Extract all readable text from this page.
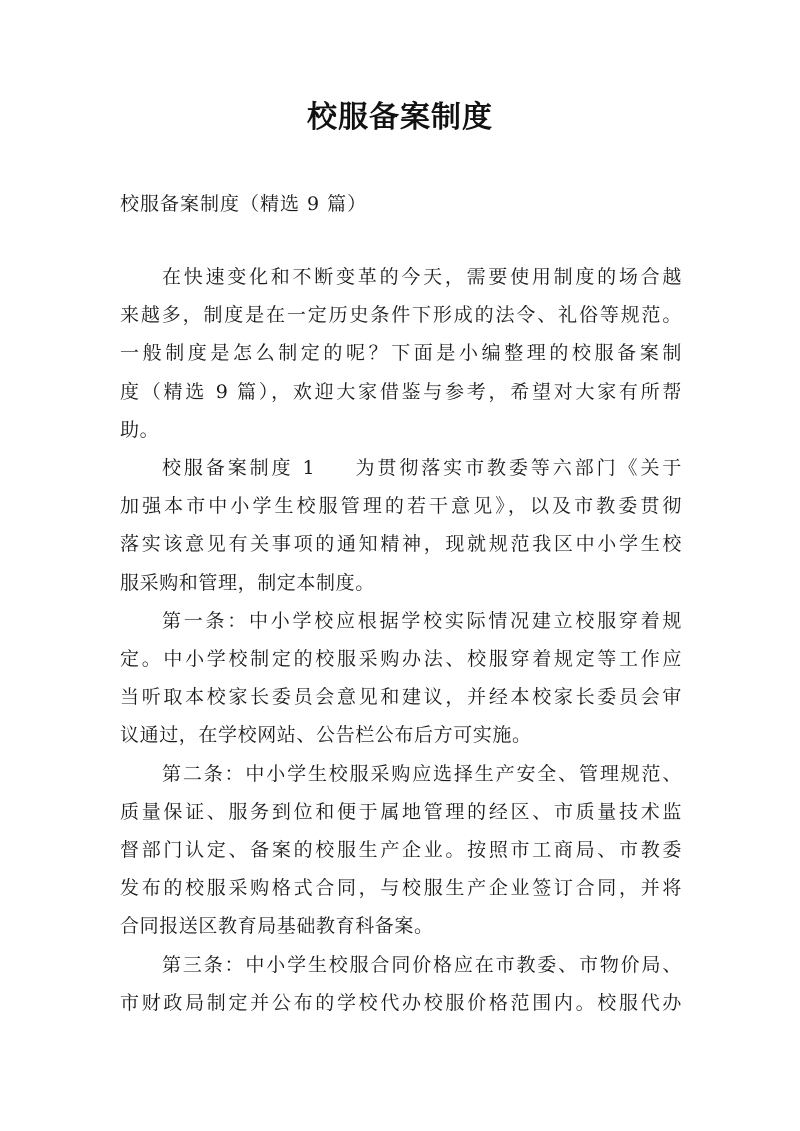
校服备案制度
校服备案制度（精选 9 篇）

在快速变化和不断变革的今天，需要使用制度的场合越
来越多，制度是在一定历史条件下形成的法令、礼俗等规范。
一般制度是怎么制定的呢？下面是小编整理的校服备案制
度（精选 9 篇），欢迎大家借鉴与参考，希望对大家有所帮
助。

校服备案制度 1 为贯彻落实市教委等六部门《关于
加强本市中小学生校服管理的若干意见》，以及市教委贯彻
落实该意见有关事项的通知精神，现就规范我区中小学生校
服采购和管理，制定本制度。

第一条：中小学校应根据学校实际情况建立校服穿着规
定。中小学校制定的校服采购办法、校服穿着规定等工作应
当听取本校家长委员会意见和建议，并经本校家长委员会审
议通过，在学校网站、公告栏公布后方可实施。

第二条：中小学生校服采购应选择生产安全、管理规范、
质量保证、服务到位和便于属地管理的经区、市质量技术监
督部门认定、备案的校服生产企业。按照市工商局、市教委
发布的校服采购格式合同，与校服生产企业签订合同，并将
合同报送区教育局基础教育科备案。

第三条：中小学生校服合同价格应在市教委、市物价局、
市财政局制定并公布的学校代办校服价格范围内。校服代办
